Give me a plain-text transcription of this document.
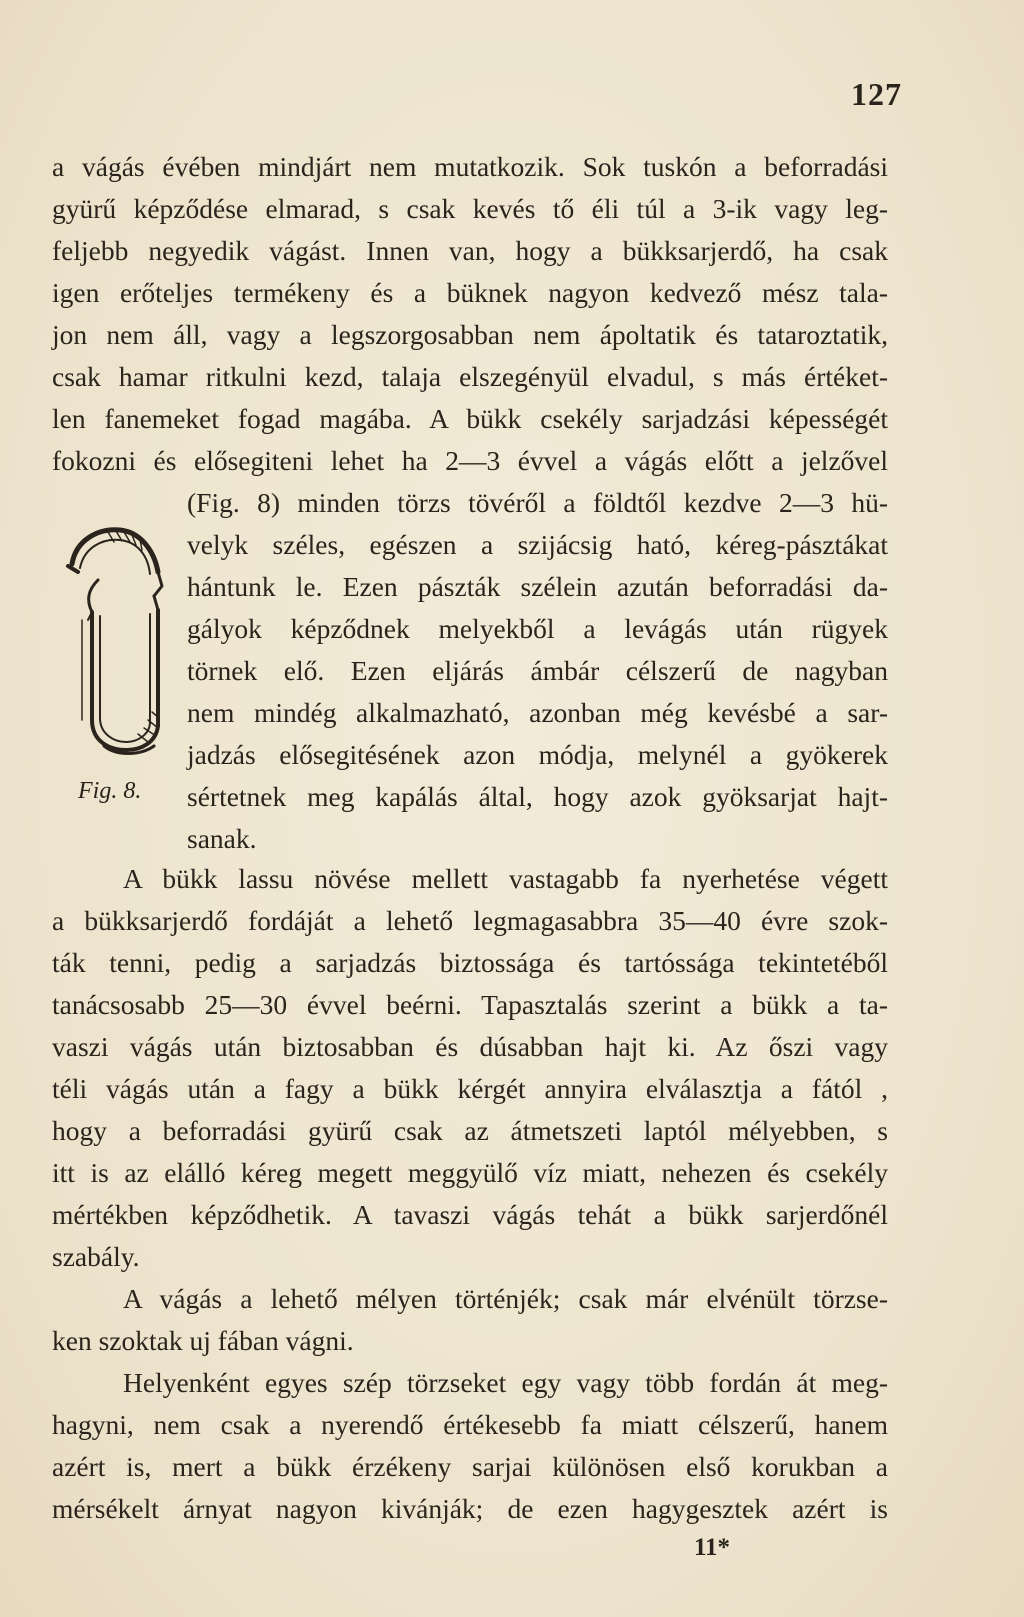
127
a vágás évében mindjárt nem mutatkozik. Sok tuskón a beforradási
gyürű képződése elmarad, s csak kevés tő éli túl a 3-ik vagy leg-
feljebb negyedik vágást. Innen van, hogy a bükksarjerdő, ha csak
igen erőteljes termékeny és a büknek nagyon kedvező mész tala-
jon nem áll, vagy a legszorgosabban nem ápoltatik és tataroztatik,
csak hamar ritkulni kezd, talaja elszegényül elvadul, s más értéket-
len fanemeket fogad magába. A bükk csekély sarjadzási képességét
fokozni és elősegiteni lehet ha 2—3 évvel a vágás előtt a jelzővel
Fig. 8.
(Fig. 8) minden törzs tövéről a földtől kezdve 2—3 hü-
velyk széles, egészen a szijácsig ható, kéreg-pásztákat
hántunk le. Ezen pászták szélein azután beforradási da-
gályok képződnek melyekből a levágás után rügyek
törnek elő. Ezen eljárás ámbár célszerű de nagyban
nem mindég alkalmazható, azonban még kevésbé a sar-
jadzás elősegitésének azon módja, melynél a gyökerek
sértetnek meg kapálás által, hogy azok gyöksarjat hajt-
sanak.
A bükk lassu növése mellett vastagabb fa nyerhetése végett
a bükksarjerdő fordáját a lehető legmagasabbra 35—40 évre szok-
ták tenni, pedig a sarjadzás biztossága és tartóssága tekintetéből
tanácsosabb 25—30 évvel beérni. Tapasztalás szerint a bükk a ta-
vaszi vágás után biztosabban és dúsabban hajt ki. Az őszi vagy
téli vágás után a fagy a bükk kérgét annyira elválasztja a fától ,
hogy a beforradási gyürű csak az átmetszeti laptól mélyebben, s
itt is az elálló kéreg megett meggyülő víz miatt, nehezen és csekély
mértékben képződhetik. A tavaszi vágás tehát a bükk sarjerdőnél
szabály.
A vágás a lehető mélyen történjék; csak már elvénült törzse-
ken szoktak uj fában vágni.
Helyenként egyes szép törzseket egy vagy több fordán át meg-
hagyni, nem csak a nyerendő értékesebb fa miatt célszerű, hanem
azért is, mert a bükk érzékeny sarjai különösen első korukban a
mérsékelt árnyat nagyon kivánják; de ezen hagygesztek azért is
11*
